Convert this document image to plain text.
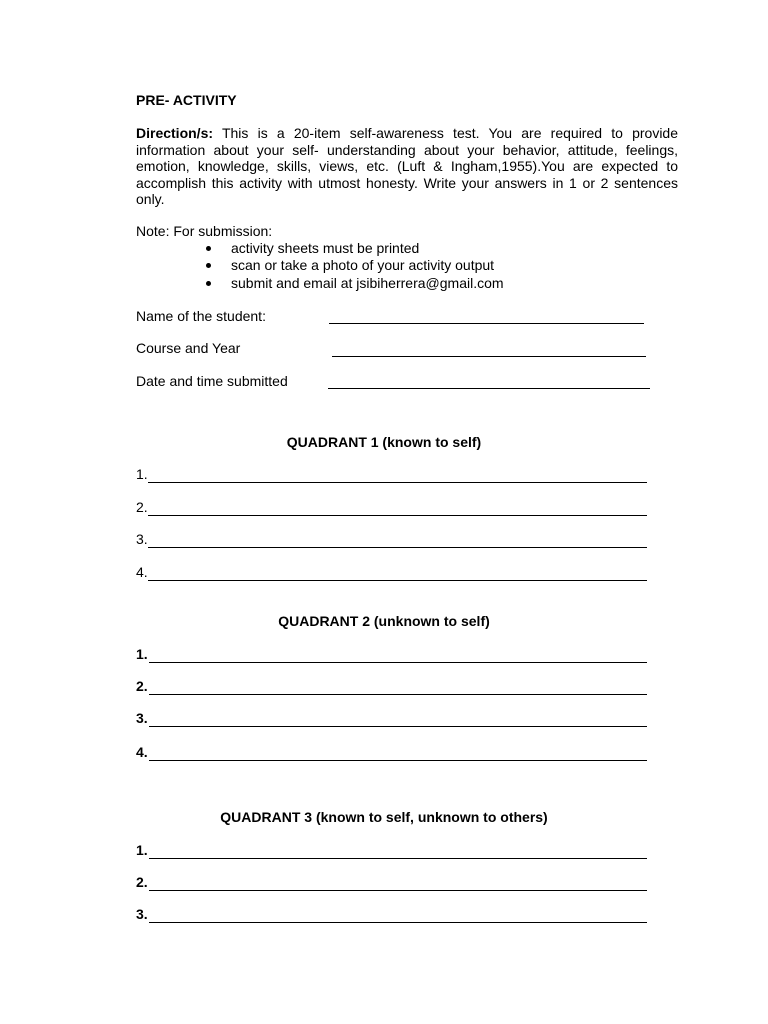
PRE- ACTIVITY
Direction/s: This is a 20-item self-awareness test. You are required to provide information about your self- understanding about your behavior, attitude, feelings, emotion, knowledge, skills, views, etc. (Luft & Ingham,1955).You are expected to accomplish this activity with utmost honesty. Write your answers in 1 or 2 sentences only.
Note: For submission:
activity sheets must be printed
scan or take a photo of your activity output
submit and email at jsibiherrera@gmail.com
Name of the student:
Course and Year
Date and time submitted
QUADRANT 1 (known to self)
1.
2.
3.
4.
QUADRANT 2 (unknown to self)
1.
2.
3.
4.
QUADRANT 3 (known to self, unknown to others)
1.
2.
3.
